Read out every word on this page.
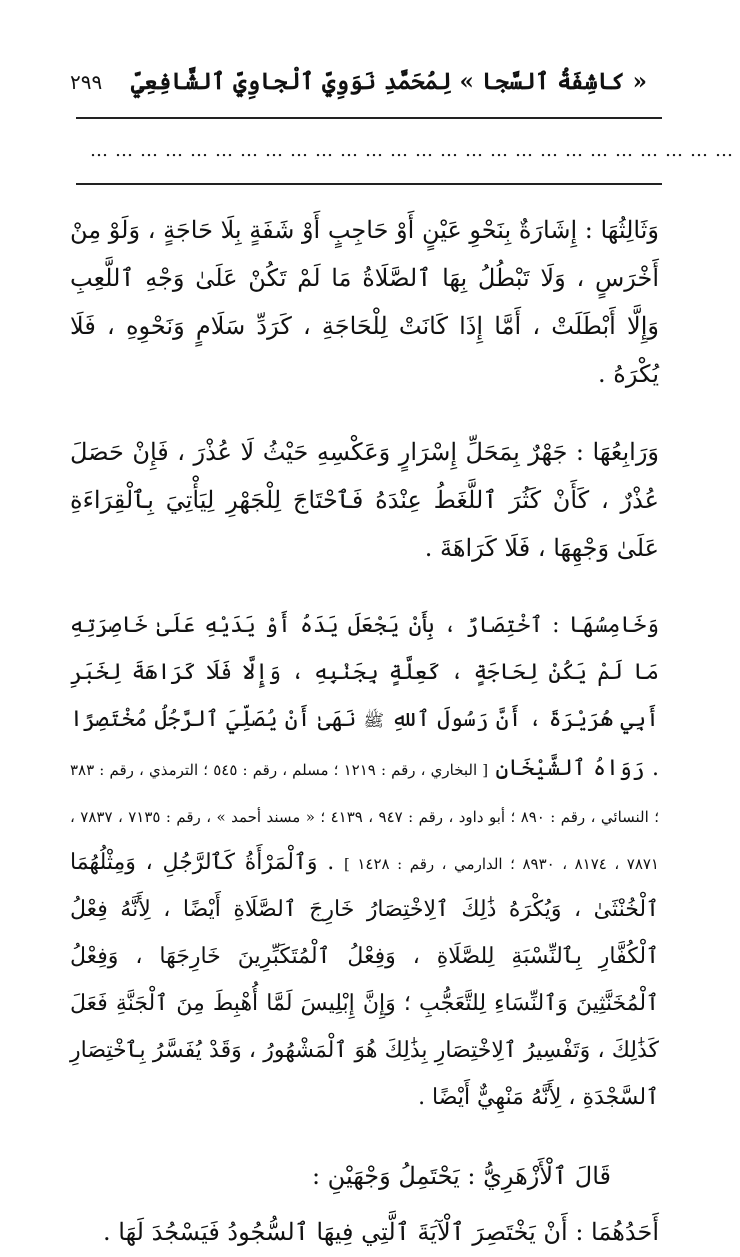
« كاشِفَةُ ٱلسَّجا » لِمُحَمَّدِ نَوَوِيِّ ٱلْجاوِيِّ ٱلشَّافِعِيِّ
٢٩٩
……………………………………………………………………

وَثَالِثُهَا : إِشَارَةٌ بِنَحْوِ عَيْنٍ أَوْ حَاجِبٍ أَوْ شَفَةٍ بِلَا حَاجَةٍ ، وَلَوْ مِنْ أَخْرَسٍ ، وَلَا تَبْطُلُ بِهَا ٱلصَّلَاةُ مَا لَمْ تَكُنْ عَلَىٰ وَجْهِ ٱللَّعِبِ وَإِلَّا أَبْطَلَتْ ، أَمَّا إِذَا كَانَتْ لِلْحَاجَةِ ، كَرَدِّ سَلَامٍ وَنَحْوِهِ ، فَلَا يُكْرَهُ .

وَرَابِعُهَا : جَهْرٌ بِمَحَلِّ إِسْرَارٍ وَعَكْسِهِ حَيْثُ لَا عُذْرَ ، فَإِنْ حَصَلَ عُذْرٌ ، كَأَنْ كَثُرَ ٱللَّغَطُ عِنْدَهُ فَٱحْتَاجَ لِلْجَهْرِ لِيَأْتِيَ بِٱلْقِرَاءَةِ عَلَىٰ وَجْهِهَا ، فَلَا كَرَاهَةَ .

وَخَامِسُهَا : ٱخْتِصَارٌ ، بِأَنْ يَجْعَلَ يَدَهُ أَوْ يَدَيْهِ عَلَىٰ خَاصِرَتِهِ مَا لَمْ يَكُنْ لِحَاجَةٍ ، كَعِلَّةٍ بِجَنْبِهِ ، وَإِلَّا فَلَا كَرَاهَةَ لِخَبَرِ أَبِي هُرَيْرَةَ ، أَنَّ رَسُولَ ٱللهِ ﷺ نَهَىٰ أَنْ يُصَلِّيَ ٱلرَّجُلُ مُخْتَصِرًا . رَوَاهُ ٱلشَّيْخَانِ [ البخاري ، رقم : ١٢١٩ ؛ مسلم ، رقم : ٥٤٥ ؛ الترمذي ، رقم : ٣٨٣ ؛ النسائي ، رقم : ٨٩٠ ؛ أبو داود ، رقم : ٩٤٧ ، ٤١٣٩ ؛ « مسند أحمد » ، رقم : ٧١٣٥ ، ٧٨٣٧ ، ٧٨٧١ ، ٨١٧٤ ، ٨٩٣٠ ؛ الدارمي ، رقم : ١٤٢٨ ] . وَٱلْمَرْأَةُ كَٱلرَّجُلِ ، وَمِثْلُهُمَا ٱلْخُنْثَىٰ ، وَيُكْرَهُ ذَٰلِكَ ٱلِاخْتِصَارُ خَارِجَ ٱلصَّلَاةِ أَيْضًا ، لِأَنَّهُ فِعْلُ ٱلْكُفَّارِ بِٱلنِّسْبَةِ لِلصَّلَاةِ ، وَفِعْلُ ٱلْمُتَكَبِّرِينَ خَارِجَهَا ، وَفِعْلُ ٱلْمُخَنَّثِينَ وَٱلنِّسَاءِ لِلتَّعَجُّبِ ؛ وَإِنَّ إِبْلِيسَ لَمَّا أُهْبِطَ مِنَ ٱلْجَنَّةِ فَعَلَ كَذَٰلِكَ ، وَتَفْسِيرُ ٱلِاخْتِصَارِ بِذَٰلِكَ هُوَ ٱلْمَشْهُورُ ، وَقَدْ يُفَسَّرُ بِٱخْتِصَارِ ٱلسَّجْدَةِ ، لِأَنَّهُ مَنْهِيٌّ أَيْضًا .

قَالَ ٱلْأَزْهَرِيُّ : يَحْتَمِلُ وَجْهَيْنِ :

أَحَدُهُمَا : أَنْ يَخْتَصِرَ ٱلْآيَةَ ٱلَّتِي فِيهَا ٱلسُّجُودُ فَيَسْجُدَ لَهَا .
